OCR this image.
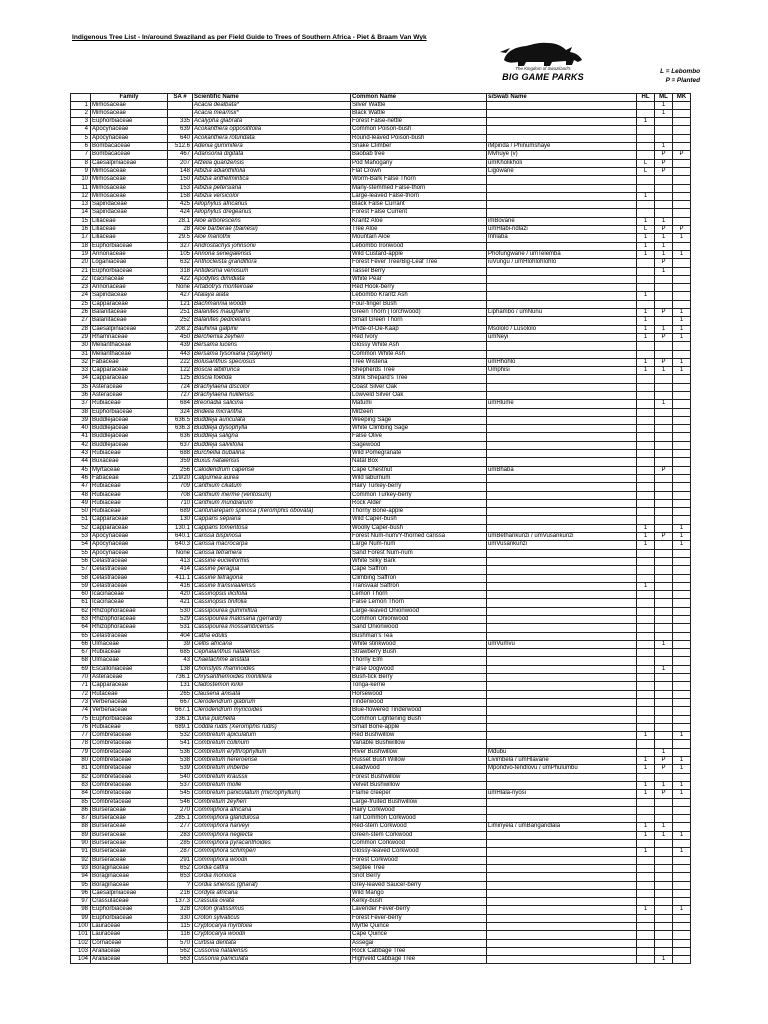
Indigenous Tree List - In/around Swaziland as per Field Guide to Trees of Southern Africa - Piet & Braam Van Wyk
The Kingdom of Swaziland's
BIG GAME PARKS
L = Lebombo
P = Planted
	Family	SA #	Scientific Name	Common Name	siSwati Name	HL	ML	MK
1	Mimosaceae		Acacia dealbata*	Silver Wattle			1	
2	Mimosaceae		Acacia mearnsii*	Black Wattle			1	
3	Euphorbiaceae	335	Acalypha glabrata	Forest False-nettle		1		
4	Apocynaceae	639	Acokanthera oppositifolia	Common Poison-bush				
5	Apocynaceae	640	Acokanthera rotundata	Round-leaved Poison-bush				
6	Bombacaceae	512.6	Adenia gummifera	Snake Climber	iMpinda / Phinumshaye		1	
7	Bombacaceae	467	Adansonia digitata	Baobab tree	Mvhuye (v)		P	P
8	Caesalpiniaceae	207	Afzelia quanzensis	Pod Mahogany	umKholikholi	L	P	
9	Mimosaceae	148	Albizia adianthifolia	Flat Crown	Ligowane	L	P	
10	Mimosaceae	150	Albizia anthelmintica	Worm-Bark False Thorn				
11	Mimosaceae	153	Albizia petersiana	Many-stemmed False-thorn				
12	Mimosaceae	158	Albizia versicolor	Large-leaved False-thorn		1		
13	Sapindaceae	425	Allophylus africanus	Black False Currant				
14	Sapindaceae	424	Allophylus dregeanus	Forest False Current				
15	Liliaceae	28.1	Aloe arborescens	Krantz Aloe	imBovane	1	1	
16	Liliaceae	28	Aloe barberae (bainesii)	Tree Aloe	umHlabi-ndlazi	L	P	P
17	Liliaceae	29.5	Aloe marlothii	Mountain Aloe	Inhlaba	1	1	1
18	Euphorbiaceae	327	Androstachys johnsonii	Lebombo Ironwood		1	1	
19	Annonaceae	105	Annona senegalensis	Wild Custard-apple	Phofungwane / umTelemba	1	1	1
20	Loganiaceae	632	Anthocleista grandiflora	Forest Fever Tree/Big-Leaf Tree	iuVungu / umHlohlohlohlo		P	
21	Euphorbiaceae	318	Antidesma venosum	Tassel Berry			1	
22	Icacinaceae	422	Apodytes dimidiata	White Pear				
23	Annonaceae	None	Artabotrys monteiroae	Red Hook-berry				
24	Sapindaceae	427	Atalaya alata	Lebombo Krantz Ash		1		
25	Capparaceae	121	Bachmannia woodii	Four-finger Bush				
26	Balanitaceae	251	Balanites maughamii	Green Thorn (Torchwood)	Liphambo / umNunu	1	P	1
27	Balanitaceae	252	Balanites pedicellaris	Small Green Thorn		1		1
28	Caesalpiniaceae	208.2	Bauhinia galpinii	Pride-of-De-Kaap	Msololo / Lusololo	1	1	1
29	Rhamnaceae	450	Berchemia zeyheri	Red Ivory	umNeyi	1	P	1
30	Melianthaceae	439	Bersama lucens	Glossy White Ash				
31	Melianthaceae	443	Bersama tysoniana (stayneri)	Common White Ash				
32	Fabaceae	222	Bolusanthus speciosus	Tree Wisteria	umHhohlo	1	P	1
33	Capparaceae	122	Boscia albitrunca	Shepherds Tree	Umphisi	1	1	1
34	Capparaceae	125	Boscia foetida	Stink Shepard's Tree				
35	Asteraceae	724	Brachylaena discolor	Coast Silver Oak				
36	Asteraceae	727	Brachylaena huillensis	Lowveld Silver Oak				
37	Rubiaceae	684	Breonadia salicina	Matumi	umHlume		1	
38	Euphorbiaceae	324	Bridelia micrantha	Mitzeeri				
39	Buddlejaceae	636.5	Buddleja auriculata	Weeping Sage				
40	Buddlejaceae	636.3	Buddleja dysophylla	White Climbing Sage				
41	Buddlejaceae	636	Buddleja saligna	False Olive				
42	Buddlejaceae	637	Buddleja salviifolia	Sagewood				
43	Rubiaceae	688	Burchellia bubalina	Wild Pomegranate				
44	Buxaceae	359	Buxus natalensis	Natal Box				
45	Myrtaceae	256	Calodendrum capense	Cape Chestnut	umBhaba		P	
46	Fabaceae	219/20	Calpurnea aurea	Wild laburnum				
47	Rubiaceae	709	Canthium ciliatum	Hairy Turkey-berry				
48	Rubiaceae	708	Canthium inerme (ventosum)	Common Turkey-berry				
49	Rubiaceae	710	Canthium mundianum	Rock Alder				
50	Rubiaceae	689	Cantunarepam spinosa (Xeromphis obovata)	Thorny Bone-apple				
51	Capparaceae	130	Capparis sepiaria	Wild Caper-bush				
52	Capparaceae	130.1	Capparis tomentosa	Woolly Caper-bush		1		1
53	Apocynaceae	640.1	Carissa bispinosa	Forest Num-num/Y-thorned carissa	umBethankunzi / umVusankunzi	1	P	1
54	Apocynaceae	640.3	Carissa macrocarpa	Large Num-num	umVusankunzi	1		1
55	Apocynaceae	None	Carissa tetramera	Sand Forest Num-num				
56	Celastraceae	413	Cassine eucleiformis	White Silky Bark				
57	Celastraceae	414	Cassine peragua	Cape Saffron				
58	Celastraceae	411.1	Cassine tetragona	Climbing Saffron				
59	Celastraceae	416	Cassine transvaalensis	Transvaal Saffron		1		
60	Icacinaceae	420	Cassinopsis ilicifolia	Lemon Thorn				
61	Icacinaceae	421	Cassinopsis tinifolia	False Lemon Thorn				
62	Rhizophoraceae	530	Cassipourea gummiflua	Large-leaved Onionwood				
63	Rhizophoraceae	529	Cassipourea malosana (gerrardi)	Common Onionwood				
64	Rhizophoraceae	531	Cassipourea mossambicensis	Sand Onionwood				
65	Celastraceae	404	Catha edulis	Bushman's Tea				
66	Ulmaceae	39	Celtis africana	White stinkwood	umVumvu		1	
67	Rubiaceae	685	Cephalanthus natalensis	Strawberry Bush				
68	Ulmaceae	43	Chaetachme aristata	Thorny Elm				
69	Escalloniaceae	138	Choristylis rhamnoides	False Dogwood			1	
70	Asteraceae	736.1	Chrysanthemoides monilifera	Bush-tick Berry				
71	Capparaceae	131	Cladostemon kirkii	Tonga-kerrie				
72	Rutaceae	265	Clausena anisata	Horsewood				
73	Verbenaceae	667	Clerodendrum glabrum	Tinderwood				
74	Verbenaceae	667.1	Clerodendrum myricoides	Blue-flowered Tinderwood				
75	Euphorbiaceae	336.1	Cluna pulchella	Common Lightening Bush				
76	Rubiaceae	689.1	Coddia rudis (Xeromphis rudis)	Small Bone-apple				
77	Combretaceae	532	Combretum apiculatum	Red Bushwillow		1		1
78	Combretaceae	541	Combretum collinum	Variable Bushwillow				
79	Combretaceae	536	Combretum erythrophyllum	River Bushwillow	Mdubu		1	
80	Combretaceae	538	Combretum hereroense	Russet Bush Willow	Livimbela / umHlavane	1	P	1
81	Combretaceae	539	Combretum imberbe	Leadwood	Mpondvo-tendlovu / umPhulumbu	1	P	1
82	Combretaceae	540	Combretum kraussii	Forest Bushwillow				
83	Combretaceae	537	Combretum molle	Velvet Bushwillow		1	1	1
84	Combretaceae	545	Combretum paniculatum (microphyllum)	Flame creeper	umHlala-nyosi	1	P	1
85	Combretaceae	546	Combretum zeyheri	Large-fruited Bushwillow				
86	Burseraceae	270	Commiphora africana	Hairy Corkwood				
87	Burseraceae	285.1	Commiphora glandulosa	Tall Common Corkwood				
88	Burseraceae	277	Commiphora harveyi	Red-stem Corkwood	Liminyela / umBangandlala	1	1	
89	Burseraceae	283	Commiphora neglecta	Green-stem Corkwood		1	1	1
90	Burseraceae	285	Commiphora pyracanthoides	Common Corkwood				
91	Burseraceae	287	Commiphora schimperi	Glossy-leaved Corkwood		1		1
92	Burseraceae	291	Commiphora woodii	Forest Corkwood				
93	Boraginaceae	652	Cordia caffra	Septee Tree				
94	Boraginaceae	653	Cordia monoica	Snot Berry				
95	Boraginaceae	?	Cordia sinensis (gharaf)	Grey-leaved Saucer-berry				
96	Caesalpiniaceae	216	Cordyla africana	Wild Mango				
97	Crassulaceae	137.3	Crassula ovata	Kerky-bush				
98	Euphorbiaceae	328	Croton gratissimus	Lavender Fever-berry		1		1
99	Euphorbiaceae	330	Croton sylvaticus	Forest Fever-berry				
100	Lauraceae	115	Cryptocarya myrtifolia	Myrtle Quince				
101	Lauraceae	116	Cryptocarya woodii	Cape Quince				
102	Cornaceae	570	Curtisia dentata	Assegai				
103	Araliaceae	562	Cussonia natalensis	Rock Cabbage Tree				
104	Araliaceae	563	Cussonia paniculata	Highveld Cabbage Tree			1	
